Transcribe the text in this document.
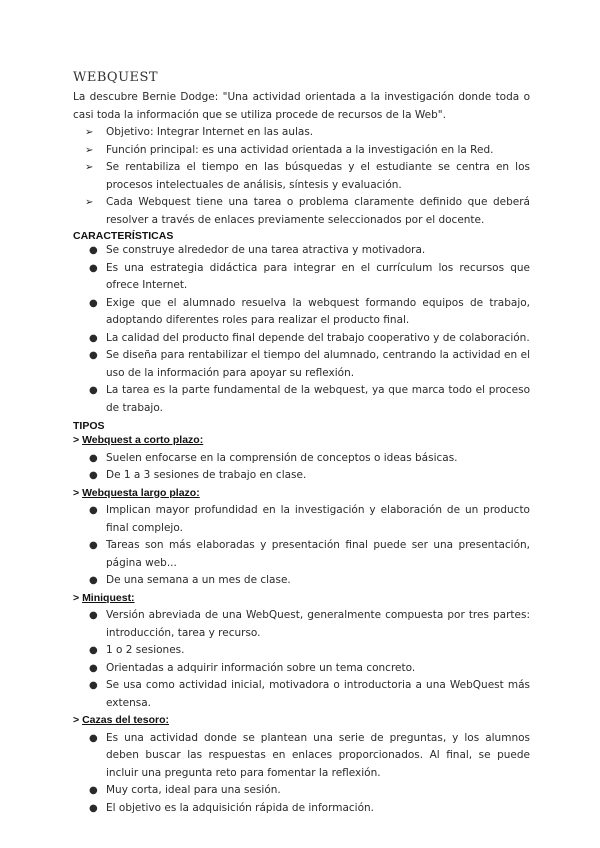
WEBQUEST

La descubre Bernie Dodge: "Una actividad orientada a la investigación donde toda o casi toda la información que se utiliza procede de recursos de la Web".

➢ Objetivo: Integrar Internet en las aulas.
➢ Función principal: es una actividad orientada a la investigación en la Red.
➢ Se rentabiliza el tiempo en las búsquedas y el estudiante se centra en los procesos intelectuales de análisis, síntesis y evaluación.
➢ Cada Webquest tiene una tarea o problema claramente definido que deberá resolver a través de enlaces previamente seleccionados por el docente.
CARACTERÍSTICAS
● Se construye alrededor de una tarea atractiva y motivadora.
● Es una estrategia didáctica para integrar en el currículum los recursos que ofrece Internet.
● Exige que el alumnado resuelva la webquest formando equipos de trabajo, adoptando diferentes roles para realizar el producto final.
● La calidad del producto final depende del trabajo cooperativo y de colaboración.
● Se diseña para rentabilizar el tiempo del alumnado, centrando la actividad en el uso de la información para apoyar su reflexión.
● La tarea es la parte fundamental de la webquest, ya que marca todo el proceso de trabajo.
TIPOS
> Webquest a corto plazo:
● Suelen enfocarse en la comprensión de conceptos o ideas básicas.
● De 1 a 3 sesiones de trabajo en clase.
> Webquesta largo plazo:
● Implican mayor profundidad en la investigación y elaboración de un producto final complejo.
● Tareas son más elaboradas y presentación final puede ser una presentación, página web...
● De una semana a un mes de clase.
> Miniquest:
● Versión abreviada de una WebQuest, generalmente compuesta por tres partes: introducción, tarea y recurso.
● 1 o 2 sesiones.
● Orientadas a adquirir información sobre un tema concreto.
● Se usa como actividad inicial, motivadora o introductoria a una WebQuest más extensa.
> Cazas del tesoro:
● Es una actividad donde se plantean una serie de preguntas, y los alumnos deben buscar las respuestas en enlaces proporcionados. Al final, se puede incluir una pregunta reto para fomentar la reflexión.
● Muy corta, ideal para una sesión.
● El objetivo es la adquisición rápida de información.
